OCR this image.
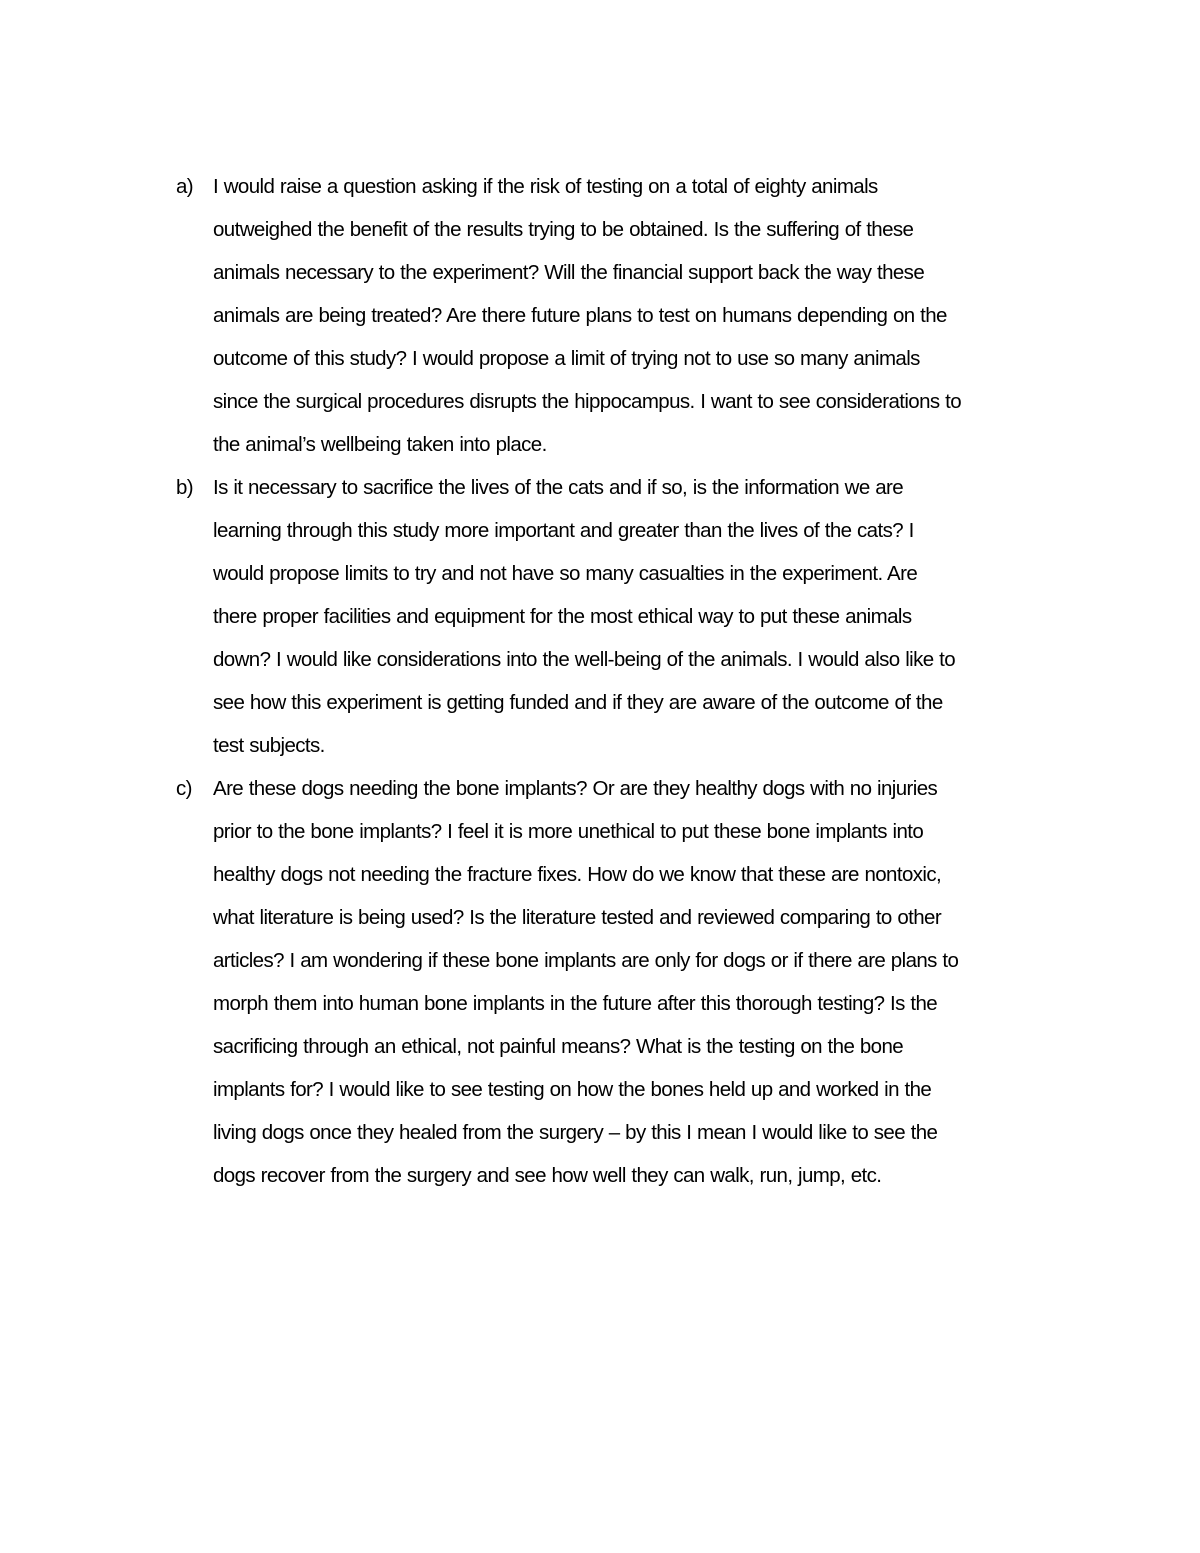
a) I would raise a question asking if the risk of testing on a total of eighty animals
outweighed the benefit of the results trying to be obtained. Is the suffering of these
animals necessary to the experiment? Will the financial support back the way these
animals are being treated? Are there future plans to test on humans depending on the
outcome of this study? I would propose a limit of trying not to use so many animals
since the surgical procedures disrupts the hippocampus. I want to see considerations to
the animal’s wellbeing taken into place.
b) Is it necessary to sacrifice the lives of the cats and if so, is the information we are
learning through this study more important and greater than the lives of the cats? I
would propose limits to try and not have so many casualties in the experiment. Are
there proper facilities and equipment for the most ethical way to put these animals
down? I would like considerations into the well-being of the animals. I would also like to
see how this experiment is getting funded and if they are aware of the outcome of the
test subjects.
c) Are these dogs needing the bone implants? Or are they healthy dogs with no injuries
prior to the bone implants? I feel it is more unethical to put these bone implants into
healthy dogs not needing the fracture fixes. How do we know that these are nontoxic,
what literature is being used? Is the literature tested and reviewed comparing to other
articles? I am wondering if these bone implants are only for dogs or if there are plans to
morph them into human bone implants in the future after this thorough testing? Is the
sacrificing through an ethical, not painful means? What is the testing on the bone
implants for? I would like to see testing on how the bones held up and worked in the
living dogs once they healed from the surgery – by this I mean I would like to see the
dogs recover from the surgery and see how well they can walk, run, jump, etc.
